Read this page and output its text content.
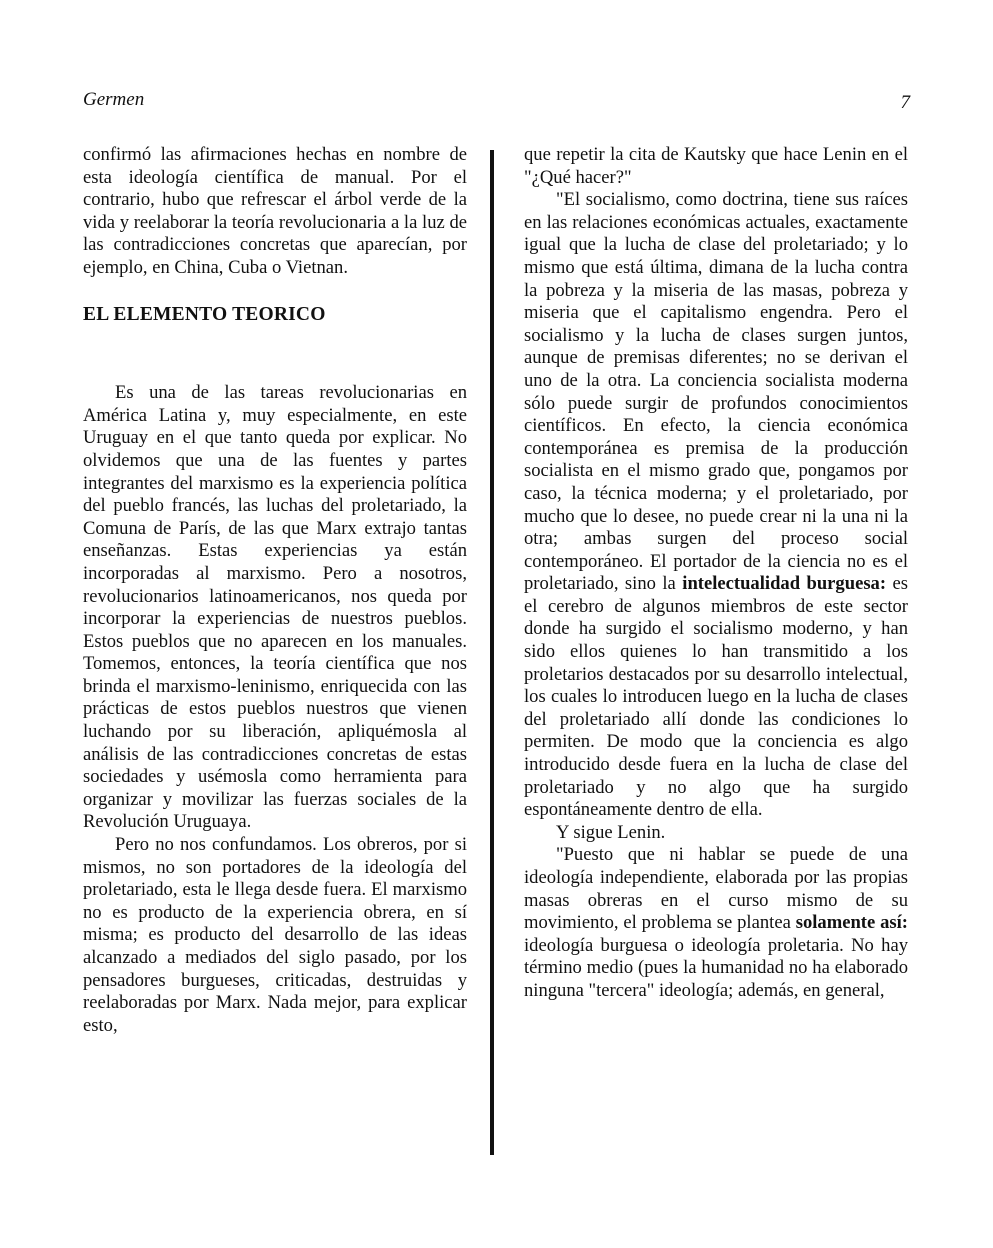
Germen	7

confirmó las afirmaciones hechas en nombre de esta ideología científica de manual. Por el contrario, hubo que refrescar el árbol verde de la vida y reelaborar la teoría revolucionaria a la luz de las contradicciones concretas que aparecían, por ejemplo, en China, Cuba o Vietnan.

EL ELEMENTO TEORICO

Es una de las tareas revolucionarias en América Latina y, muy especialmente, en este Uruguay en el que tanto queda por explicar. No olvidemos que una de las fuentes y partes integrantes del marxismo es la experiencia política del pueblo francés, las luchas del proletariado, la Comuna de París, de las que Marx extrajo tantas enseñanzas. Estas experiencias ya están incorporadas al marxismo. Pero a nosotros, revolucionarios latinoamericanos, nos queda por incorporar la experiencias de nuestros pueblos. Estos pueblos que no aparecen en los manuales. Tomemos, entonces, la teoría científica que nos brinda el marxismo-leninismo, enriquecida con las prácticas de estos pueblos nuestros que vienen luchando por su liberación, apliquémosla al análisis de las contradicciones concretas de estas sociedades y usémosla como herramienta para organizar y movilizar las fuerzas sociales de la Revolución Uruguaya.

Pero no nos confundamos. Los obreros, por si mismos, no son portadores de la ideología del proletariado, esta le llega desde fuera. El marxismo no es producto de la experiencia obrera, en sí misma; es producto del desarrollo de las ideas alcanzado a mediados del siglo pasado, por los pensadores burgueses, criticadas, destruidas y reelaboradas por Marx. Nada mejor, para explicar esto,

que repetir la cita de Kautsky que hace Lenin en el "¿Qué hacer?"

"El socialismo, como doctrina, tiene sus raíces en las relaciones económicas actuales, exactamente igual que la lucha de clase del proletariado; y lo mismo que está última, dimana de la lucha contra la pobreza y la miseria de las masas, pobreza y miseria que el capitalismo engendra. Pero el socialismo y la lucha de clases surgen juntos, aunque de premisas diferentes; no se derivan el uno de la otra. La conciencia socialista moderna sólo puede surgir de profundos conocimientos científicos. En efecto, la ciencia económica contemporánea es premisa de la producción socialista en el mismo grado que, pongamos por caso, la técnica moderna; y el proletariado, por mucho que lo desee, no puede crear ni la una ni la otra; ambas surgen del proceso social contemporáneo. El portador de la ciencia no es el proletariado, sino la intelectualidad burguesa: es el cerebro de algunos miembros de este sector donde ha surgido el socialismo moderno, y han sido ellos quienes lo han transmitido a los proletarios destacados por su desarrollo intelectual, los cuales lo introducen luego en la lucha de clases del proletariado allí donde las condiciones lo permiten. De modo que la conciencia es algo introducido desde fuera en la lucha de clase del proletariado y no algo que ha surgido espontáneamente dentro de ella.

Y sigue Lenin.

"Puesto que ni hablar se puede de una ideología independiente, elaborada por las propias masas obreras en el curso mismo de su movimiento, el problema se plantea solamente así: ideología burguesa o ideología proletaria. No hay término medio (pues la humanidad no ha elaborado ninguna "tercera" ideología; además, en general,
